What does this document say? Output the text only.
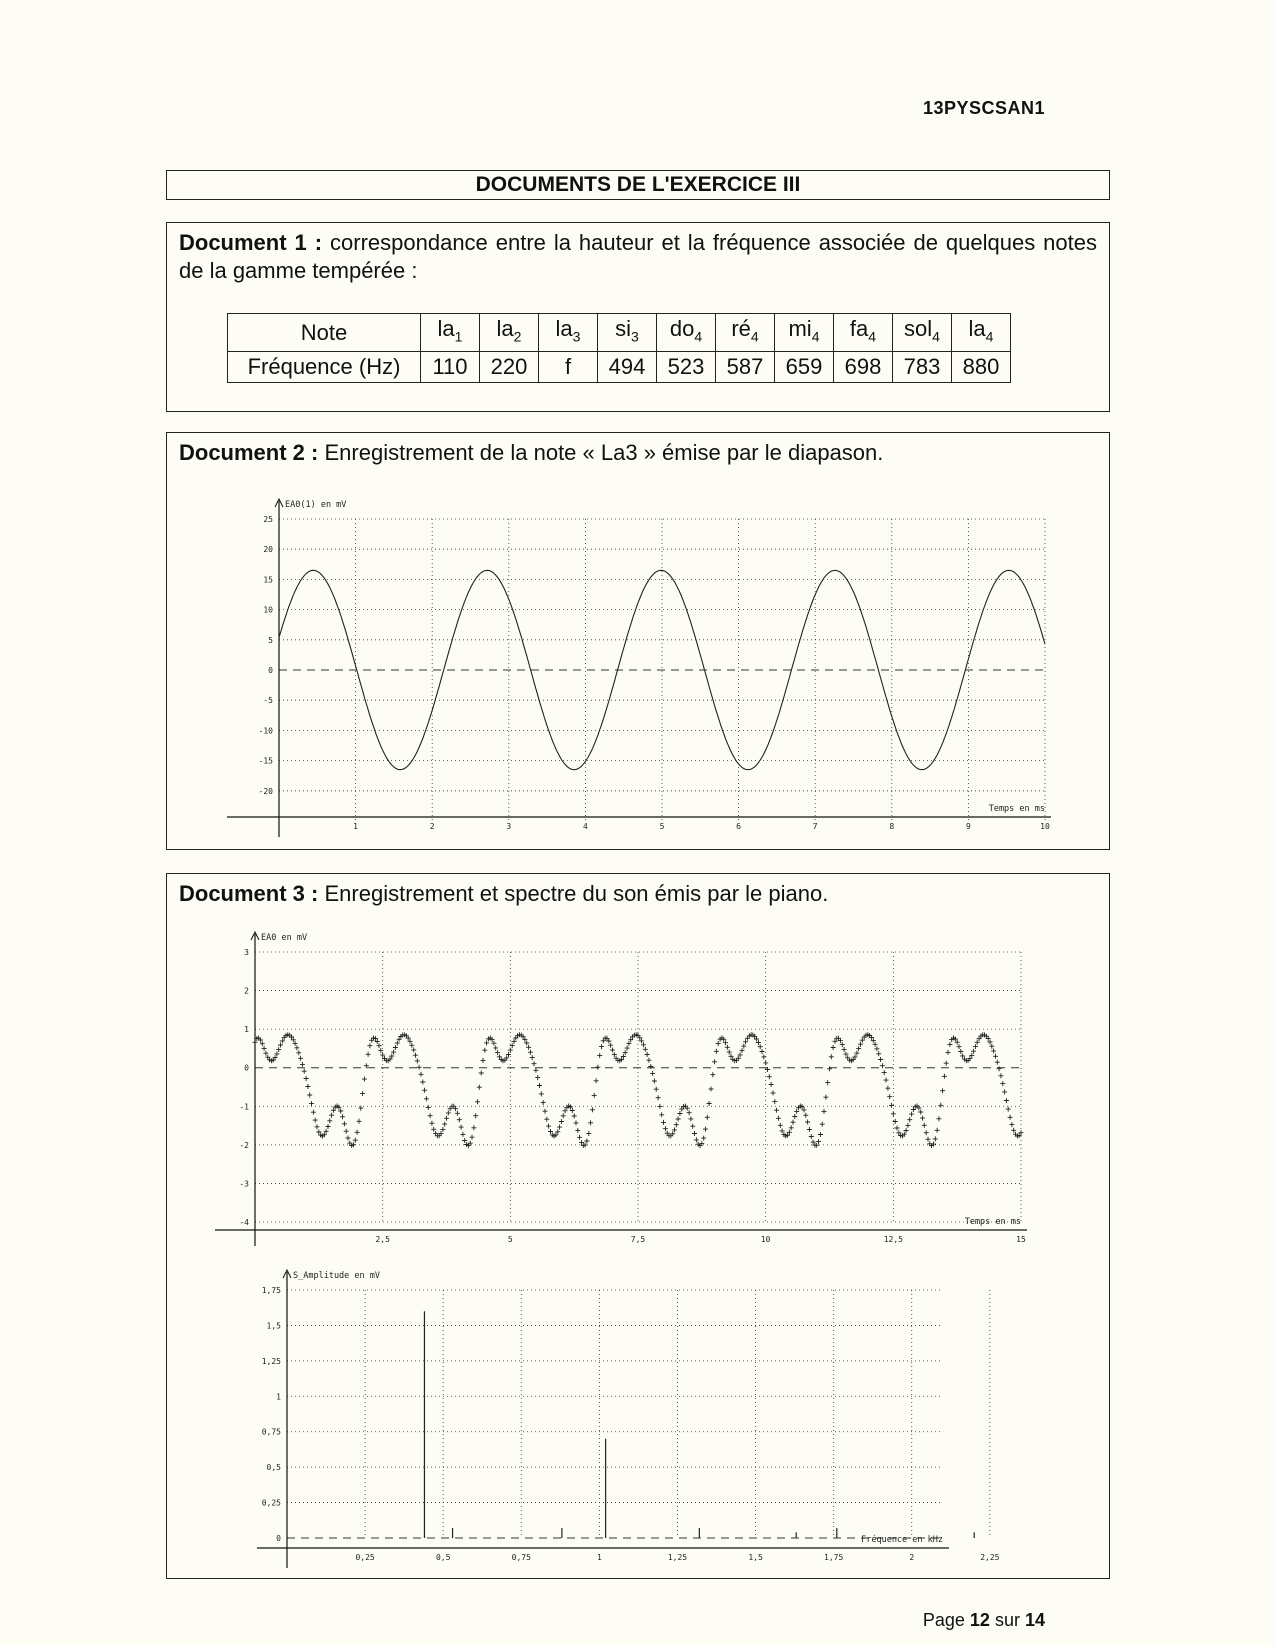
13PYSCSAN1
DOCUMENTS DE L'EXERCICE III
Document 1 : correspondance entre la hauteur et la fréquence associée de quelques notes de la gamme tempérée :
Note	$la_1$	$la_2$	$la_3$	$si_3$	$do_4$	$ré_4$	$mi_4$	$fa_4$	sol$_4$	$la_4$
Fréquence (Hz)	110	220	f	494	523	587	659	698	783	880
Document 2 : Enregistrement de la note « La3 » émise par le diapason.
25
20
15
10
5
0
-5
-10
-15
-20
1	2	3	4	5	6	7	8	9	10
EA0(1) en mV
Temps en ms
Document 3 : Enregistrement et spectre du son émis par le piano.
3
2
1
0
-1
-2
-3
-4
2,5	5	7,5	10	12,5	15
EA0 en mV
Temps en ms
1,75
1,5
1,25
1
0,75
0,5
0,25
0
0,25	0,5	0,75	1	1,25	1,5	1,75	2	2,25
S_Amplitude en mV
Fréquence en kHz
Page 12 sur 14
